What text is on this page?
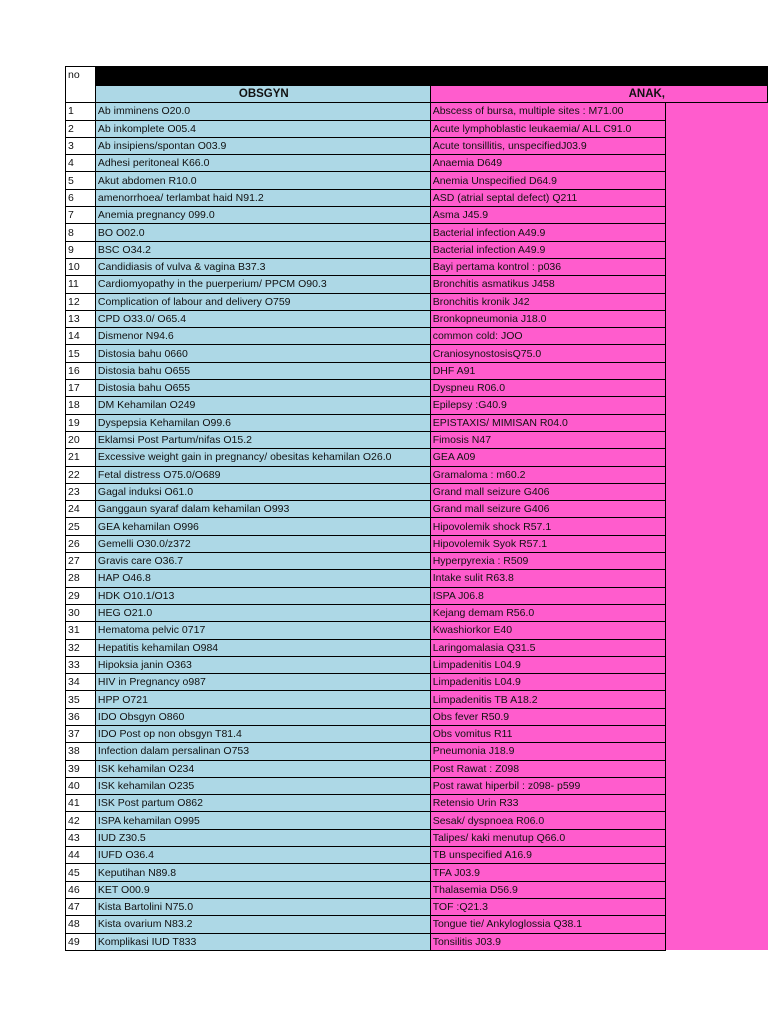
no			
	OBSGYN	ANAK,	
1	Ab imminens O20.0	Abscess of bursa, multiple sites : M71.00	
2	Ab inkomplete O05.4	Acute lymphoblastic leukaemia/ ALL C91.0	
3	Ab insipiens/spontan O03.9	Acute tonsillitis, unspecifiedJ03.9	
4	Adhesi peritoneal K66.0	Anaemia D649	
5	Akut abdomen R10.0	Anemia Unspecified D64.9	
6	amenorrhoea/ terlambat haid N91.2	ASD (atrial septal defect) Q211	
7	Anemia pregnancy 099.0	Asma J45.9	
8	BO O02.0	Bacterial infection A49.9	
9	BSC O34.2	Bacterial infection A49.9	
10	Candidiasis of vulva & vagina B37.3	Bayi pertama kontrol : p036	
11	Cardiomyopathy in the puerperium/ PPCM O90.3	Bronchitis asmatikus J458	
12	Complication of labour and delivery O759	Bronchitis kronik J42	
13	CPD O33.0/ O65.4	Bronkopneumonia J18.0	
14	Dismenor N94.6	common cold: JOO	
15	Distosia bahu 0660	CraniosynostosisQ75.0	
16	Distosia bahu O655	DHF A91	
17	Distosia bahu O655	Dyspneu R06.0	
18	DM Kehamilan O249	Epilepsy :G40.9	
19	Dyspepsia Kehamilan O99.6	EPISTAXIS/ MIMISAN R04.0	
20	Eklamsi Post Partum/nifas O15.2	Fimosis N47	
21	Excessive weight gain in pregnancy/ obesitas kehamilan O26.0	GEA A09	
22	Fetal distress O75.0/O689	Gramaloma : m60.2	
23	Gagal induksi O61.0	Grand mall seizure G406	
24	Ganggaun syaraf dalam kehamilan O993	Grand mall seizure G406	
25	GEA kehamilan O996	Hipovolemik shock R57.1	
26	Gemelli O30.0/z372	Hipovolemik Syok R57.1	
27	Gravis care O36.7	Hyperpyrexia : R509	
28	HAP O46.8	Intake sulit R63.8	
29	HDK O10.1/O13	ISPA J06.8	
30	HEG O21.0	Kejang demam R56.0	
31	Hematoma pelvic 0717	Kwashiorkor E40	
32	Hepatitis kehamilan O984	Laringomalasia Q31.5	
33	Hipoksia janin O363	Limpadenitis L04.9	
34	HIV in Pregnancy o987	Limpadenitis L04.9	
35	HPP O721	Limpadenitis TB A18.2	
36	IDO Obsgyn O860	Obs fever R50.9	
37	IDO Post op non obsgyn T81.4	Obs vomitus R11	
38	Infection dalam persalinan O753	Pneumonia J18.9	
39	ISK kehamilan O234	Post Rawat : Z098	
40	ISK kehamilan O235	Post rawat hiperbil : z098- p599	
41	ISK Post partum O862	Retensio Urin R33	
42	ISPA kehamilan O995	Sesak/ dyspnoea R06.0	
43	IUD Z30.5	Talipes/ kaki menutup Q66.0	
44	IUFD O36.4	TB unspecified A16.9	
45	Keputihan N89.8	TFA J03.9	
46	KET O00.9	Thalasemia D56.9	
47	Kista Bartolini N75.0	TOF :Q21.3	
48	Kista ovarium N83.2	Tongue tie/ Ankyloglossia Q38.1	
49	Komplikasi IUD T833	Tonsilitis J03.9	
